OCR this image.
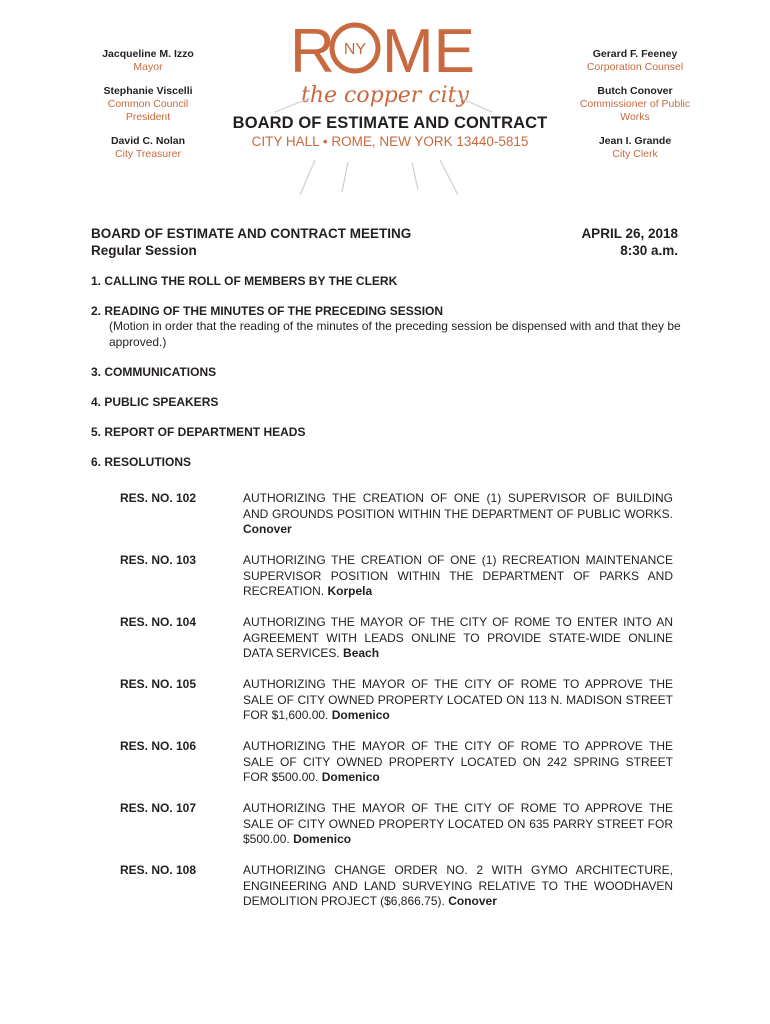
Jacqueline M. Izzo
Mayor
Stephanie Viscelli
Common Council President
David C. Nolan
City Treasurer
Gerard F. Feeney
Corporation Counsel
Butch Conover
Commissioner of Public Works
Jean I. Grande
City Clerk
R NY ME
the copper city
BOARD OF ESTIMATE AND CONTRACT
CITY HALL • ROME, NEW YORK 13440-5815
BOARD OF ESTIMATE AND CONTRACT MEETING
Regular Session
APRIL 26, 2018
8:30 a.m.
1. CALLING THE ROLL OF MEMBERS BY THE CLERK
2. READING OF THE MINUTES OF THE PRECEDING SESSION
(Motion in order that the reading of the minutes of the preceding session be dispensed with and that they be approved.)
3. COMMUNICATIONS
4. PUBLIC SPEAKERS
5. REPORT OF DEPARTMENT HEADS
6. RESOLUTIONS
RES. NO. 102	AUTHORIZING THE CREATION OF ONE (1) SUPERVISOR OF BUILDING AND GROUNDS POSITION WITHIN THE DEPARTMENT OF PUBLIC WORKS. Conover
RES. NO. 103	AUTHORIZING THE CREATION OF ONE (1) RECREATION MAINTENANCE SUPERVISOR POSITION WITHIN THE DEPARTMENT OF PARKS AND RECREATION. Korpela
RES. NO. 104	AUTHORIZING THE MAYOR OF THE CITY OF ROME TO ENTER INTO AN AGREEMENT WITH LEADS ONLINE TO PROVIDE STATE-WIDE ONLINE DATA SERVICES. Beach
RES. NO. 105	AUTHORIZING THE MAYOR OF THE CITY OF ROME TO APPROVE THE SALE OF CITY OWNED PROPERTY LOCATED ON 113 N. MADISON STREET FOR $1,600.00. Domenico
RES. NO. 106	AUTHORIZING THE MAYOR OF THE CITY OF ROME TO APPROVE THE SALE OF CITY OWNED PROPERTY LOCATED ON 242 SPRING STREET FOR $500.00. Domenico
RES. NO. 107	AUTHORIZING THE MAYOR OF THE CITY OF ROME TO APPROVE THE SALE OF CITY OWNED PROPERTY LOCATED ON 635 PARRY STREET FOR $500.00. Domenico
RES. NO. 108	AUTHORIZING CHANGE ORDER NO. 2 WITH GYMO ARCHITECTURE, ENGINEERING AND LAND SURVEYING RELATIVE TO THE WOODHAVEN DEMOLITION PROJECT ($6,866.75). Conover
